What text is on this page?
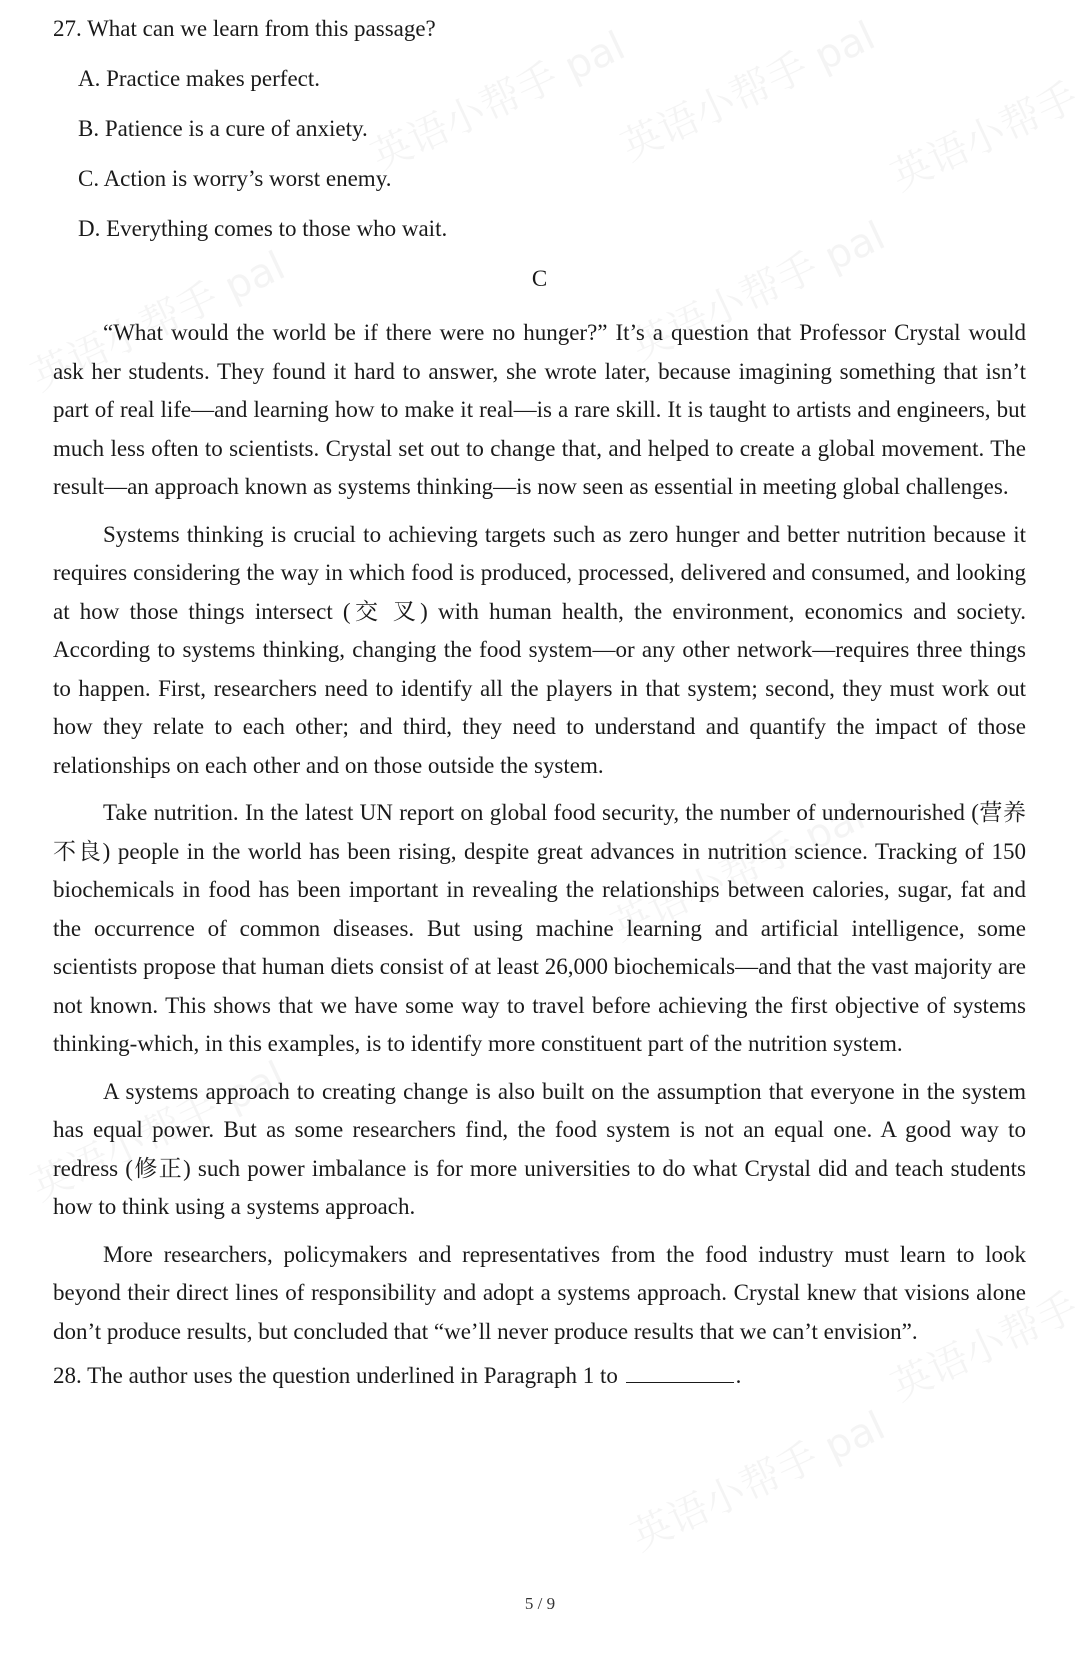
27. What can we learn from this passage?

A. Practice makes perfect.

B. Patience is a cure of anxiety.

C. Action is worry’s worst enemy.

D. Everything comes to those who wait.

C

“What would the world be if there were no hunger?” It’s a question that Professor Crystal would ask her students. They found it hard to answer, she wrote later, because imagining something that isn’t part of real life—and learning how to make it real—is a rare skill. It is taught to artists and engineers, but much less often to scientists. Crystal set out to change that, and helped to create a global movement. The result—an approach known as systems thinking—is now seen as essential in meeting global challenges.

Systems thinking is crucial to achieving targets such as zero hunger and better nutrition because it requires considering the way in which food is produced, processed, delivered and consumed, and looking at how those things intersect (交 叉) with human health, the environment, economics and society. According to systems thinking, changing the food system—or any other network—requires three things to happen. First, researchers need to identify all the players in that system; second, they must work out how they relate to each other; and third, they need to understand and quantify the impact of those relationships on each other and on those outside the system.

Take nutrition. In the latest UN report on global food security, the number of undernourished (营养不良) people in the world has been rising, despite great advances in nutrition science. Tracking of 150 biochemicals in food has been important in revealing the relationships between calories, sugar, fat and the occurrence of common diseases. But using machine learning and artificial intelligence, some scientists propose that human diets consist of at least 26,000 biochemicals—and that the vast majority are not known. This shows that we have some way to travel before achieving the first objective of systems thinking-which, in this examples, is to identify more constituent part of the nutrition system.

A systems approach to creating change is also built on the assumption that everyone in the system has equal power. But as some researchers find, the food system is not an equal one. A good way to redress (修正) such power imbalance is for more universities to do what Crystal did and teach students how to think using a systems approach.

More researchers, policymakers and representatives from the food industry must learn to look beyond their direct lines of responsibility and adopt a systems approach. Crystal knew that visions alone don’t produce results, but concluded that “we’ll never produce results that we can’t envision”.

28. The author uses the question underlined in Paragraph 1 to	.

5 / 9
